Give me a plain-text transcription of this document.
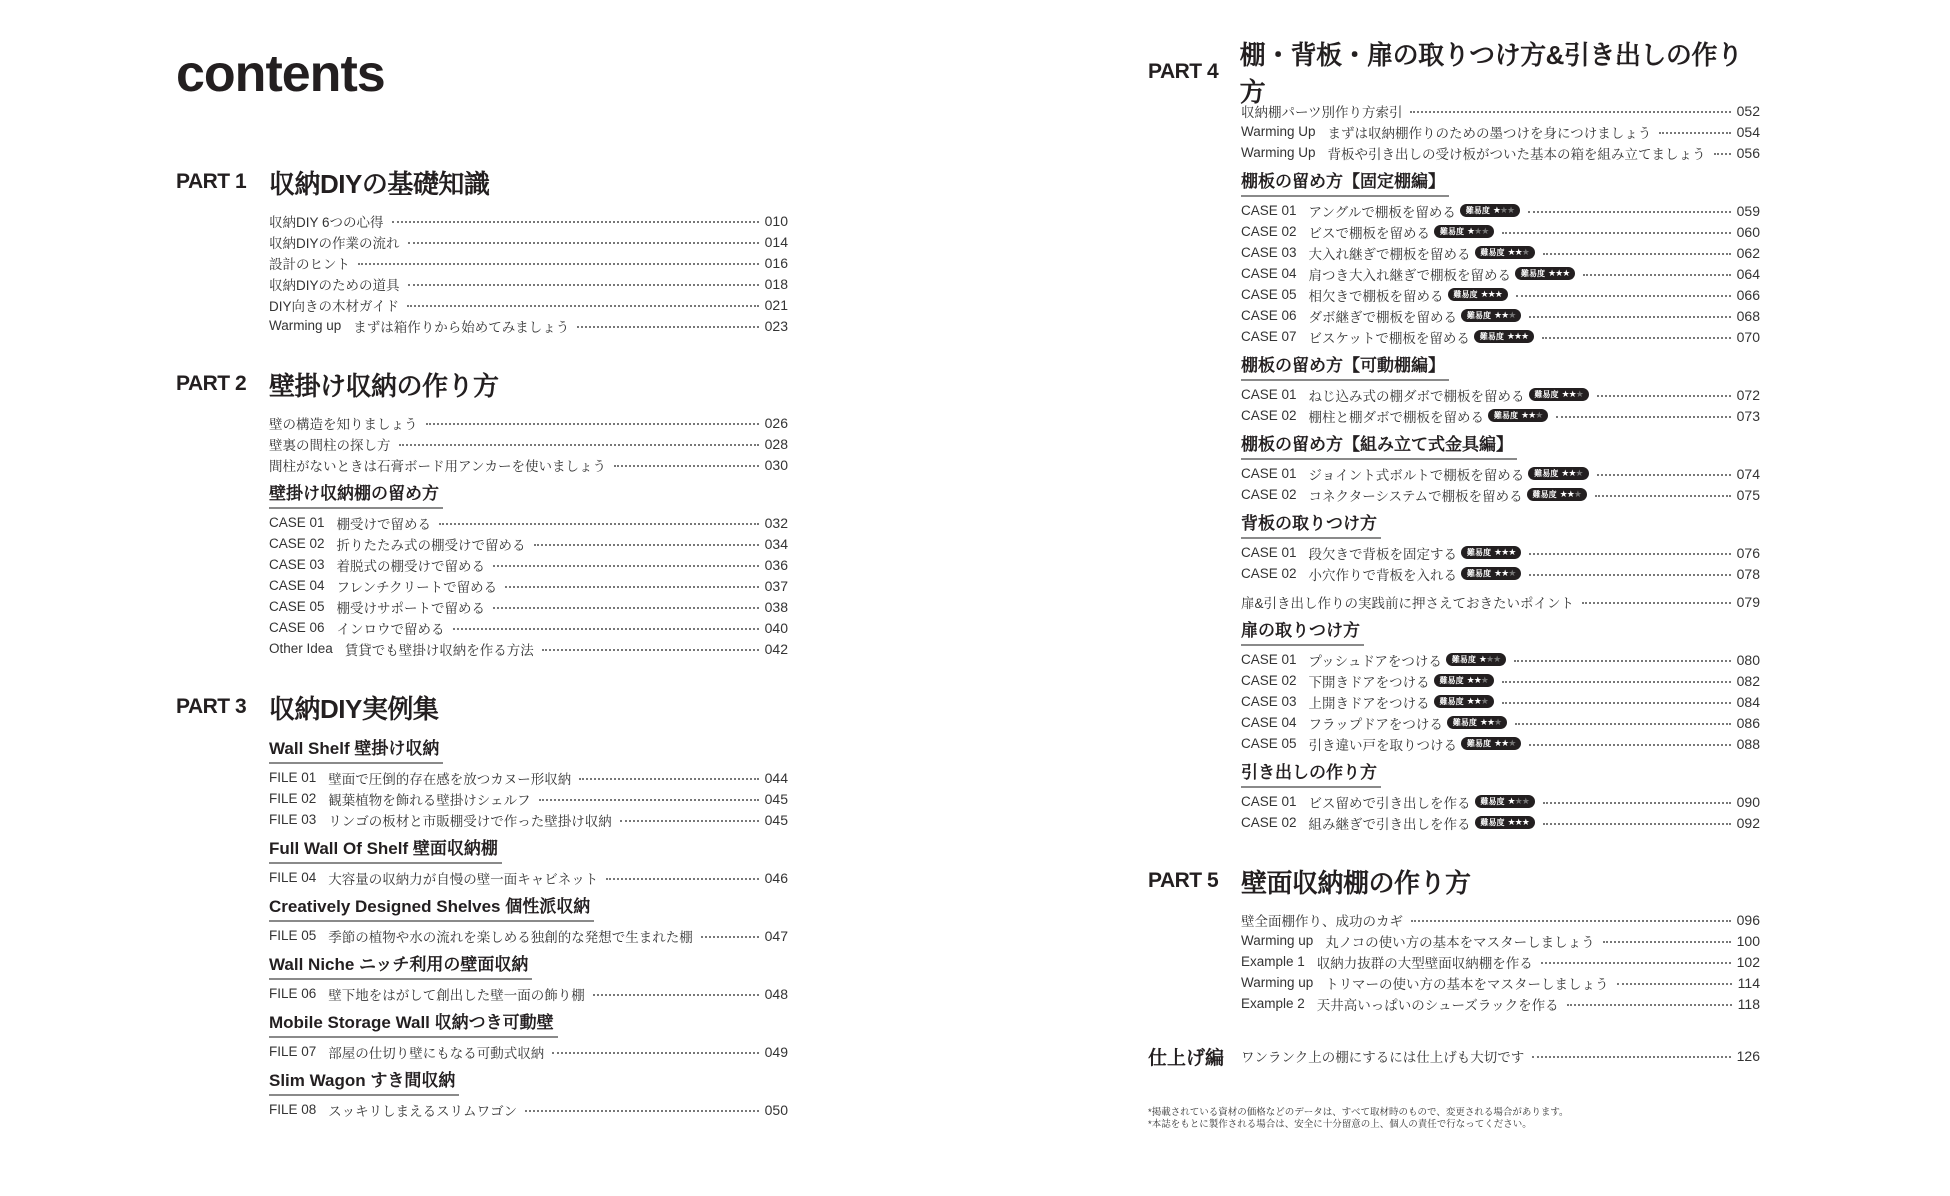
contents
PART 1 収納DIYの基礎知識
収納DIY 6つの心得	010
収納DIYの作業の流れ	014
設計のヒント	016
収納DIYのための道具	018
DIY向きの木材ガイド	021
Warming up まずは箱作りから始めてみましょう	023
PART 2 壁掛け収納の作り方
壁の構造を知りましょう	026
壁裏の間柱の探し方	028
間柱がないときは石膏ボード用アンカーを使いましょう	030
壁掛け収納棚の留め方
CASE 01 棚受けで留める	032
CASE 02 折りたたみ式の棚受けで留める	034
CASE 03 着脱式の棚受けで留める	036
CASE 04 フレンチクリートで留める	037
CASE 05 棚受けサポートで留める	038
CASE 06 インロウで留める	040
Other Idea 賃貸でも壁掛け収納を作る方法	042
PART 3 収納DIY実例集
Wall Shelf 壁掛け収納
FILE 01 壁面で圧倒的存在感を放つカヌー形収納	044
FILE 02 観葉植物を飾れる壁掛けシェルフ	045
FILE 03 リンゴの板材と市販棚受けで作った壁掛け収納	045
Full Wall Of Shelf 壁面収納棚
FILE 04 大容量の収納力が自慢の壁一面キャビネット	046
Creatively Designed Shelves 個性派収納
FILE 05 季節の植物や水の流れを楽しめる独創的な発想で生まれた棚	047
Wall Niche ニッチ利用の壁面収納
FILE 06 壁下地をはがして創出した壁一面の飾り棚	048
Mobile Storage Wall 収納つき可動壁
FILE 07 部屋の仕切り壁にもなる可動式収納	049
Slim Wagon すき間収納
FILE 08 スッキリしまえるスリムワゴン	050
PART 4
棚・背板・扉の取りつけ方&引き出しの作り方
収納棚パーツ別作り方索引	052
Warming Up まずは収納棚作りのための墨つけを身につけましょう	054
Warming Up 背板や引き出しの受け板がついた基本の箱を組み立てましょう 056
棚板の留め方【固定棚編】
CASE 01 アングルで棚板を留める 難易度 ★★★	059
CASE 02 ビスで棚板を留める 難易度 ★★★	060
CASE 03 大入れ継ぎで棚板を留める 難易度 ★★★	062
CASE 04 肩つき大入れ継ぎで棚板を留める 難易度 ★★★	064
CASE 05 相欠きで棚板を留める 難易度 ★★★	066
CASE 06 ダボ継ぎで棚板を留める 難易度 ★★★	068
CASE 07 ビスケットで棚板を留める 難易度 ★★★	070
棚板の留め方【可動棚編】
CASE 01 ねじ込み式の棚ダボで棚板を留める 難易度 ★★★	072
CASE 02 棚柱と棚ダボで棚板を留める 難易度 ★★★	073
棚板の留め方【組み立て式金具編】
CASE 01 ジョイント式ボルトで棚板を留める 難易度 ★★★	074
CASE 02 コネクターシステムで棚板を留める 難易度 ★★★	075
背板の取りつけ方
CASE 01 段欠きで背板を固定する 難易度 ★★★	076
CASE 02 小穴作りで背板を入れる 難易度 ★★★	078
扉&引き出し作りの実践前に押さえておきたいポイント	079
扉の取りつけ方
CASE 01 プッシュドアをつける 難易度 ★★★	080
CASE 02 下開きドアをつける 難易度 ★★★	082
CASE 03 上開きドアをつける 難易度 ★★★	084
CASE 04 フラップドアをつける 難易度 ★★★	086
CASE 05 引き違い戸を取りつける 難易度 ★★★	088
引き出しの作り方
CASE 01 ビス留めで引き出しを作る 難易度 ★★★	090
CASE 02 組み継ぎで引き出しを作る 難易度 ★★★	092
PART 5 壁面収納棚の作り方
壁全面棚作り、成功のカギ	096
Warming up 丸ノコの使い方の基本をマスターしましょう	100
Example 1 収納力抜群の大型壁面収納棚を作る	102
Warming up トリマーの使い方の基本をマスターしましょう	114
Example 2 天井高いっぱいのシューズラックを作る	118
仕上げ編	ワンランク上の棚にするには仕上げも大切です	126
*掲載されている資材の価格などのデータは、すべて取材時のもので、変更される場合があります。
*本誌をもとに製作される場合は、安全に十分留意の上、個人の責任で行なってください。
